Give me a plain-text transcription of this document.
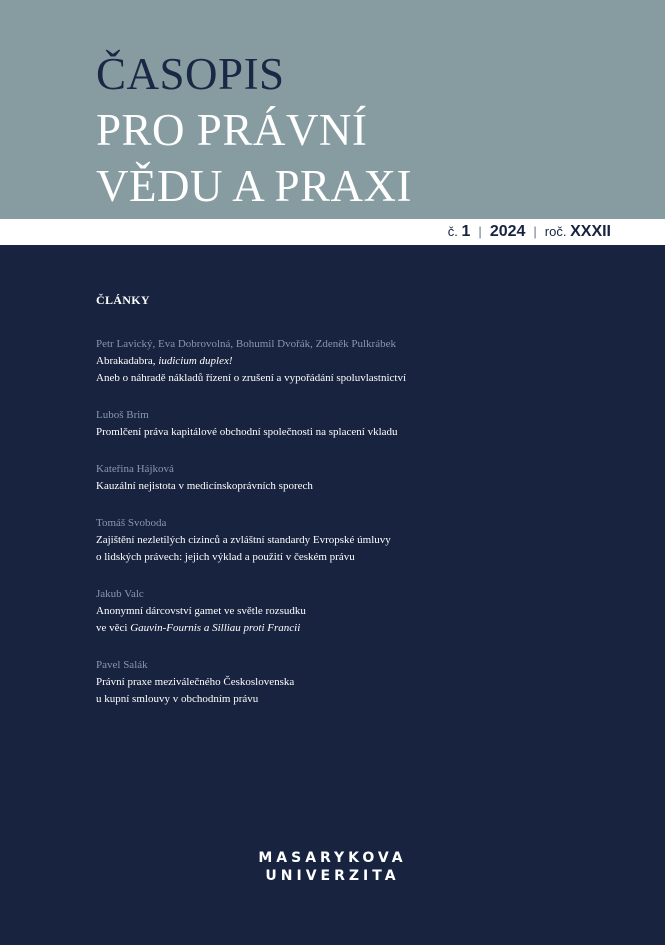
ČASOPIS
PRO PRÁVNÍ
VĚDU A PRAXI
č. 1 | 2024 | roč. XXXII
ČLÁNKY
Petr Lavický, Eva Dobrovolná, Bohumil Dvořák, Zdeněk Pulkrábek
Abrakadabra, iudicium duplex!
Aneb o náhradě nákladů řízení o zrušení a vypořádání spoluvlastnictví
Luboš Brim
Promlčení práva kapitálové obchodní společnosti na splacení vkladu
Kateřina Hájková
Kauzální nejistota v medicínskoprávních sporech
Tomáš Svoboda
Zajištění nezletilých cizinců a zvláštní standardy Evropské úmluvy
o lidských právech: jejich výklad a použití v českém právu
Jakub Valc
Anonymní dárcovství gamet ve světle rozsudku
ve věci Gauvin-Fournis a Silliau proti Francii
Pavel Salák
Právní praxe meziválečného Československa
u kupní smlouvy v obchodním právu
MASARYKOVA
UNIVERZITA
